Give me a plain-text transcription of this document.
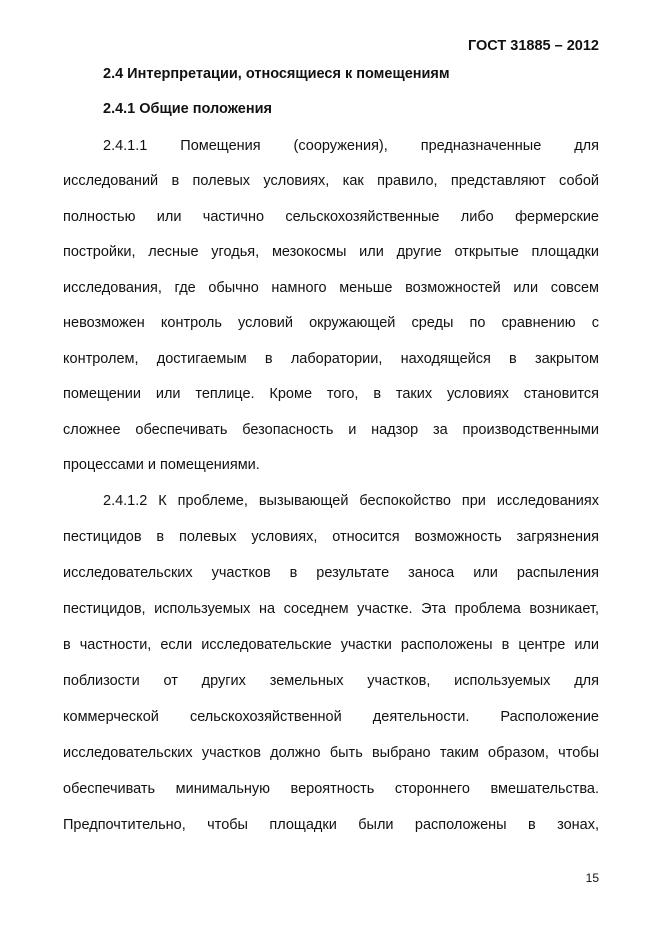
ГОСТ 31885 – 2012
2.4 Интерпретации, относящиеся к помещениям
2.4.1 Общие положения
2.4.1.1 Помещения (сооружения), предназначенные для
исследований в полевых условиях, как правило, представляют собой
полностью или частично сельскохозяйственные либо фермерские
постройки, лесные угодья, мезокосмы или другие открытые площадки
исследования, где обычно намного меньше возможностей или совсем
невозможен контроль условий окружающей среды по сравнению с
контролем, достигаемым в лаборатории, находящейся в закрытом
помещении или теплице. Кроме того, в таких условиях становится
сложнее обеспечивать безопасность и надзор за производственными
процессами и помещениями.
2.4.1.2 К проблеме, вызывающей беспокойство при исследованиях
пестицидов в полевых условиях, относится возможность загрязнения
исследовательских участков в результате заноса или распыления
пестицидов, используемых на соседнем участке. Эта проблема возникает,
в частности, если исследовательские участки расположены в центре или
поблизости от других земельных участков, используемых для
коммерческой сельскохозяйственной деятельности. Расположение
исследовательских участков должно быть выбрано таким образом, чтобы
обеспечивать минимальную вероятность стороннего вмешательства.
Предпочтительно, чтобы площадки были расположены в зонах,
15
